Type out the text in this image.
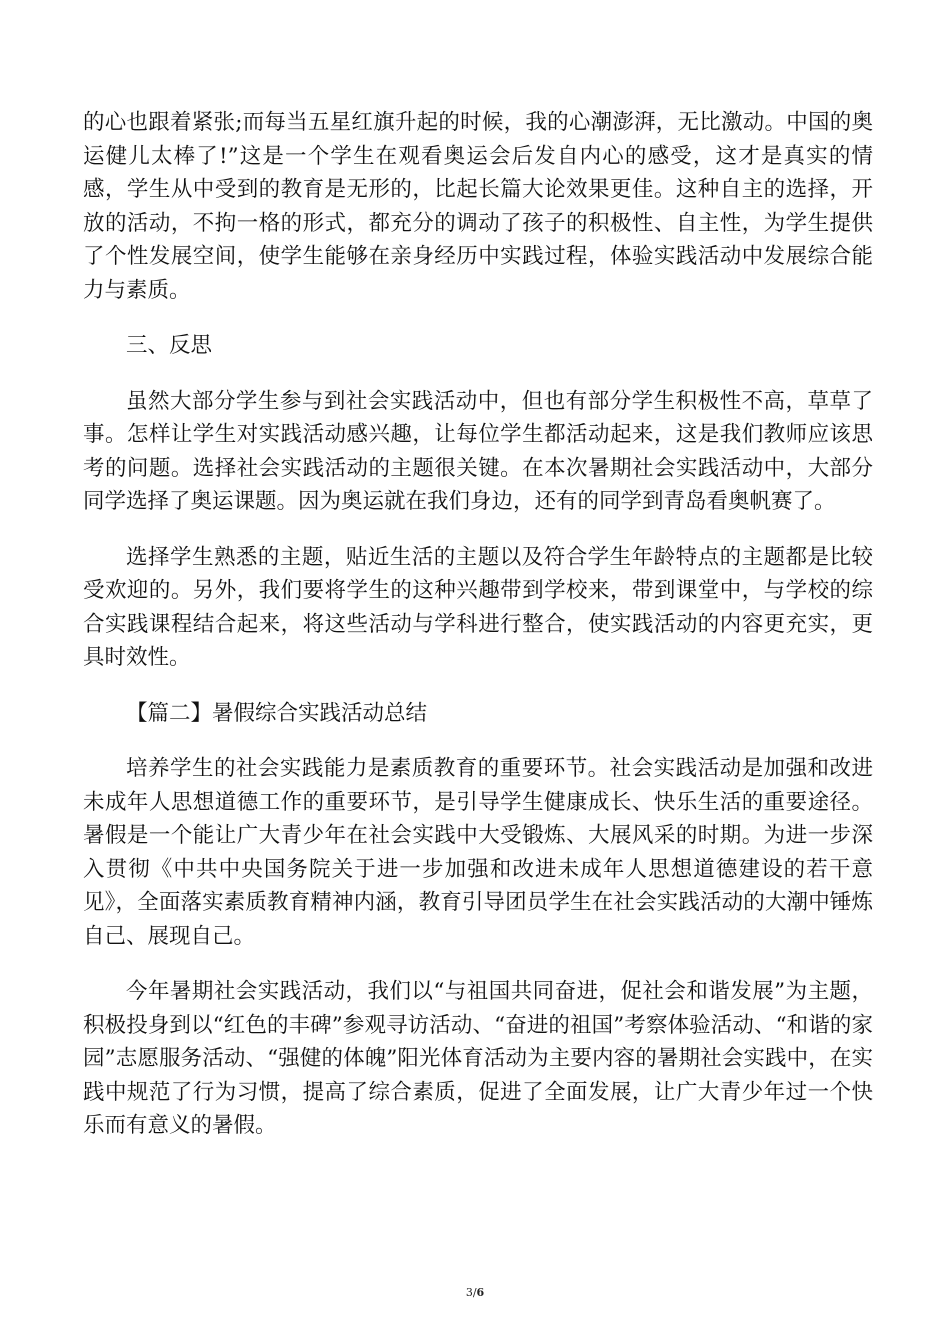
的心也跟着紧张;而每当五星红旗升起的时候，我的心潮澎湃，无比激动。中国的奥运健儿太棒了!”这是一个学生在观看奥运会后发自内心的感受，这才是真实的情感，学生从中受到的教育是无形的，比起长篇大论效果更佳。这种自主的选择，开放的活动，不拘一格的形式，都充分的调动了孩子的积极性、自主性，为学生提供了个性发展空间，使学生能够在亲身经历中实践过程，体验实践活动中发展综合能力与素质。

三、反思

虽然大部分学生参与到社会实践活动中，但也有部分学生积极性不高，草草了事。怎样让学生对实践活动感兴趣，让每位学生都活动起来，这是我们教师应该思考的问题。选择社会实践活动的主题很关键。在本次暑期社会实践活动中，大部分同学选择了奥运课题。因为奥运就在我们身边，还有的同学到青岛看奥帆赛了。

选择学生熟悉的主题，贴近生活的主题以及符合学生年龄特点的主题都是比较受欢迎的。另外，我们要将学生的这种兴趣带到学校来，带到课堂中，与学校的综合实践课程结合起来，将这些活动与学科进行整合，使实践活动的内容更充实，更具时效性。

【篇二】暑假综合实践活动总结

培养学生的社会实践能力是素质教育的重要环节。社会实践活动是加强和改进未成年人思想道德工作的重要环节，是引导学生健康成长、快乐生活的重要途径。暑假是一个能让广大青少年在社会实践中大受锻炼、大展风采的时期。为进一步深入贯彻《中共中央国务院关于进一步加强和改进未成年人思想道德建设的若干意见》，全面落实素质教育精神内涵，教育引导团员学生在社会实践活动的大潮中锤炼自己、展现自己。

今年暑期社会实践活动，我们以“与祖国共同奋进，促社会和谐发展”为主题，积极投身到以“红色的丰碑”参观寻访活动、“奋进的祖国”考察体验活动、“和谐的家园”志愿服务活动、“强健的体魄”阳光体育活动为主要内容的暑期社会实践中，在实践中规范了行为习惯，提高了综合素质，促进了全面发展，让广大青少年过一个快乐而有意义的暑假。

3/6
